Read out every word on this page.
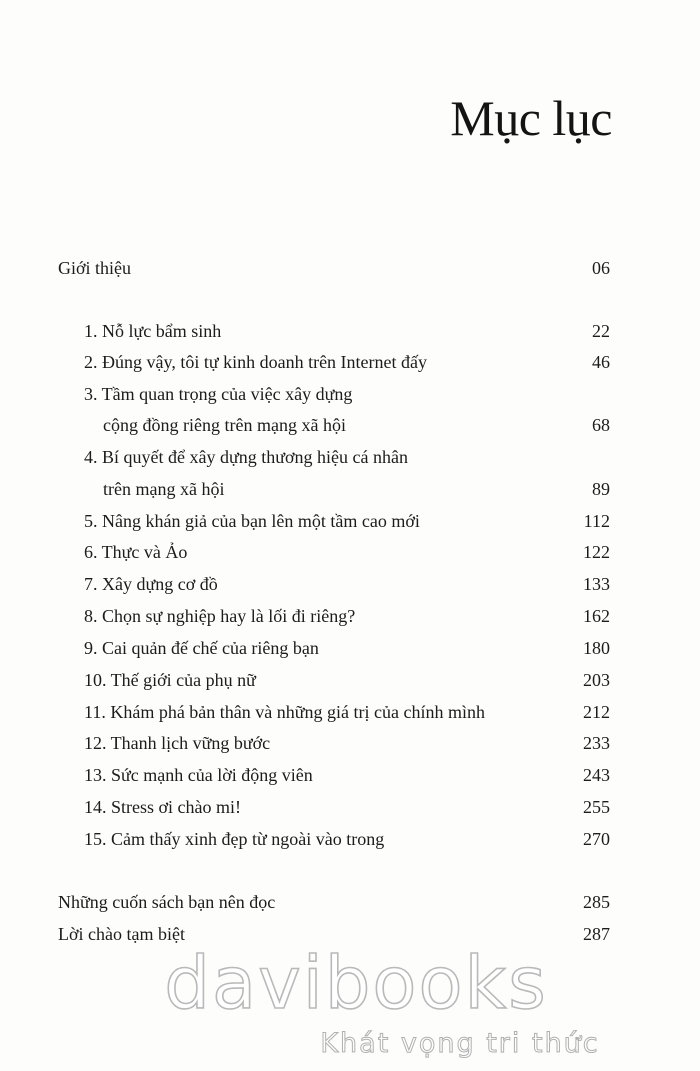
Mục lục
Giới thiệu	06
1. Nỗ lực bẩm sinh	22
2. Đúng vậy, tôi tự kinh doanh trên Internet đấy	46
3. Tầm quan trọng của việc xây dựng
cộng đồng riêng trên mạng xã hội	68
4. Bí quyết để xây dựng thương hiệu cá nhân
trên mạng xã hội	89
5. Nâng khán giả của bạn lên một tầm cao mới	112
6. Thực và Ảo	122
7. Xây dựng cơ đồ	133
8. Chọn sự nghiệp hay là lối đi riêng?	162
9. Cai quản đế chế của riêng bạn	180
10. Thế giới của phụ nữ	203
11. Khám phá bản thân và những giá trị của chính mình	212
12. Thanh lịch vững bước	233
13. Sức mạnh của lời động viên	243
14. Stress ơi chào mi!	255
15. Cảm thấy xinh đẹp từ ngoài vào trong	270
Những cuốn sách bạn nên đọc	285
Lời chào tạm biệt	287
davibooks
Khát vọng tri thức
